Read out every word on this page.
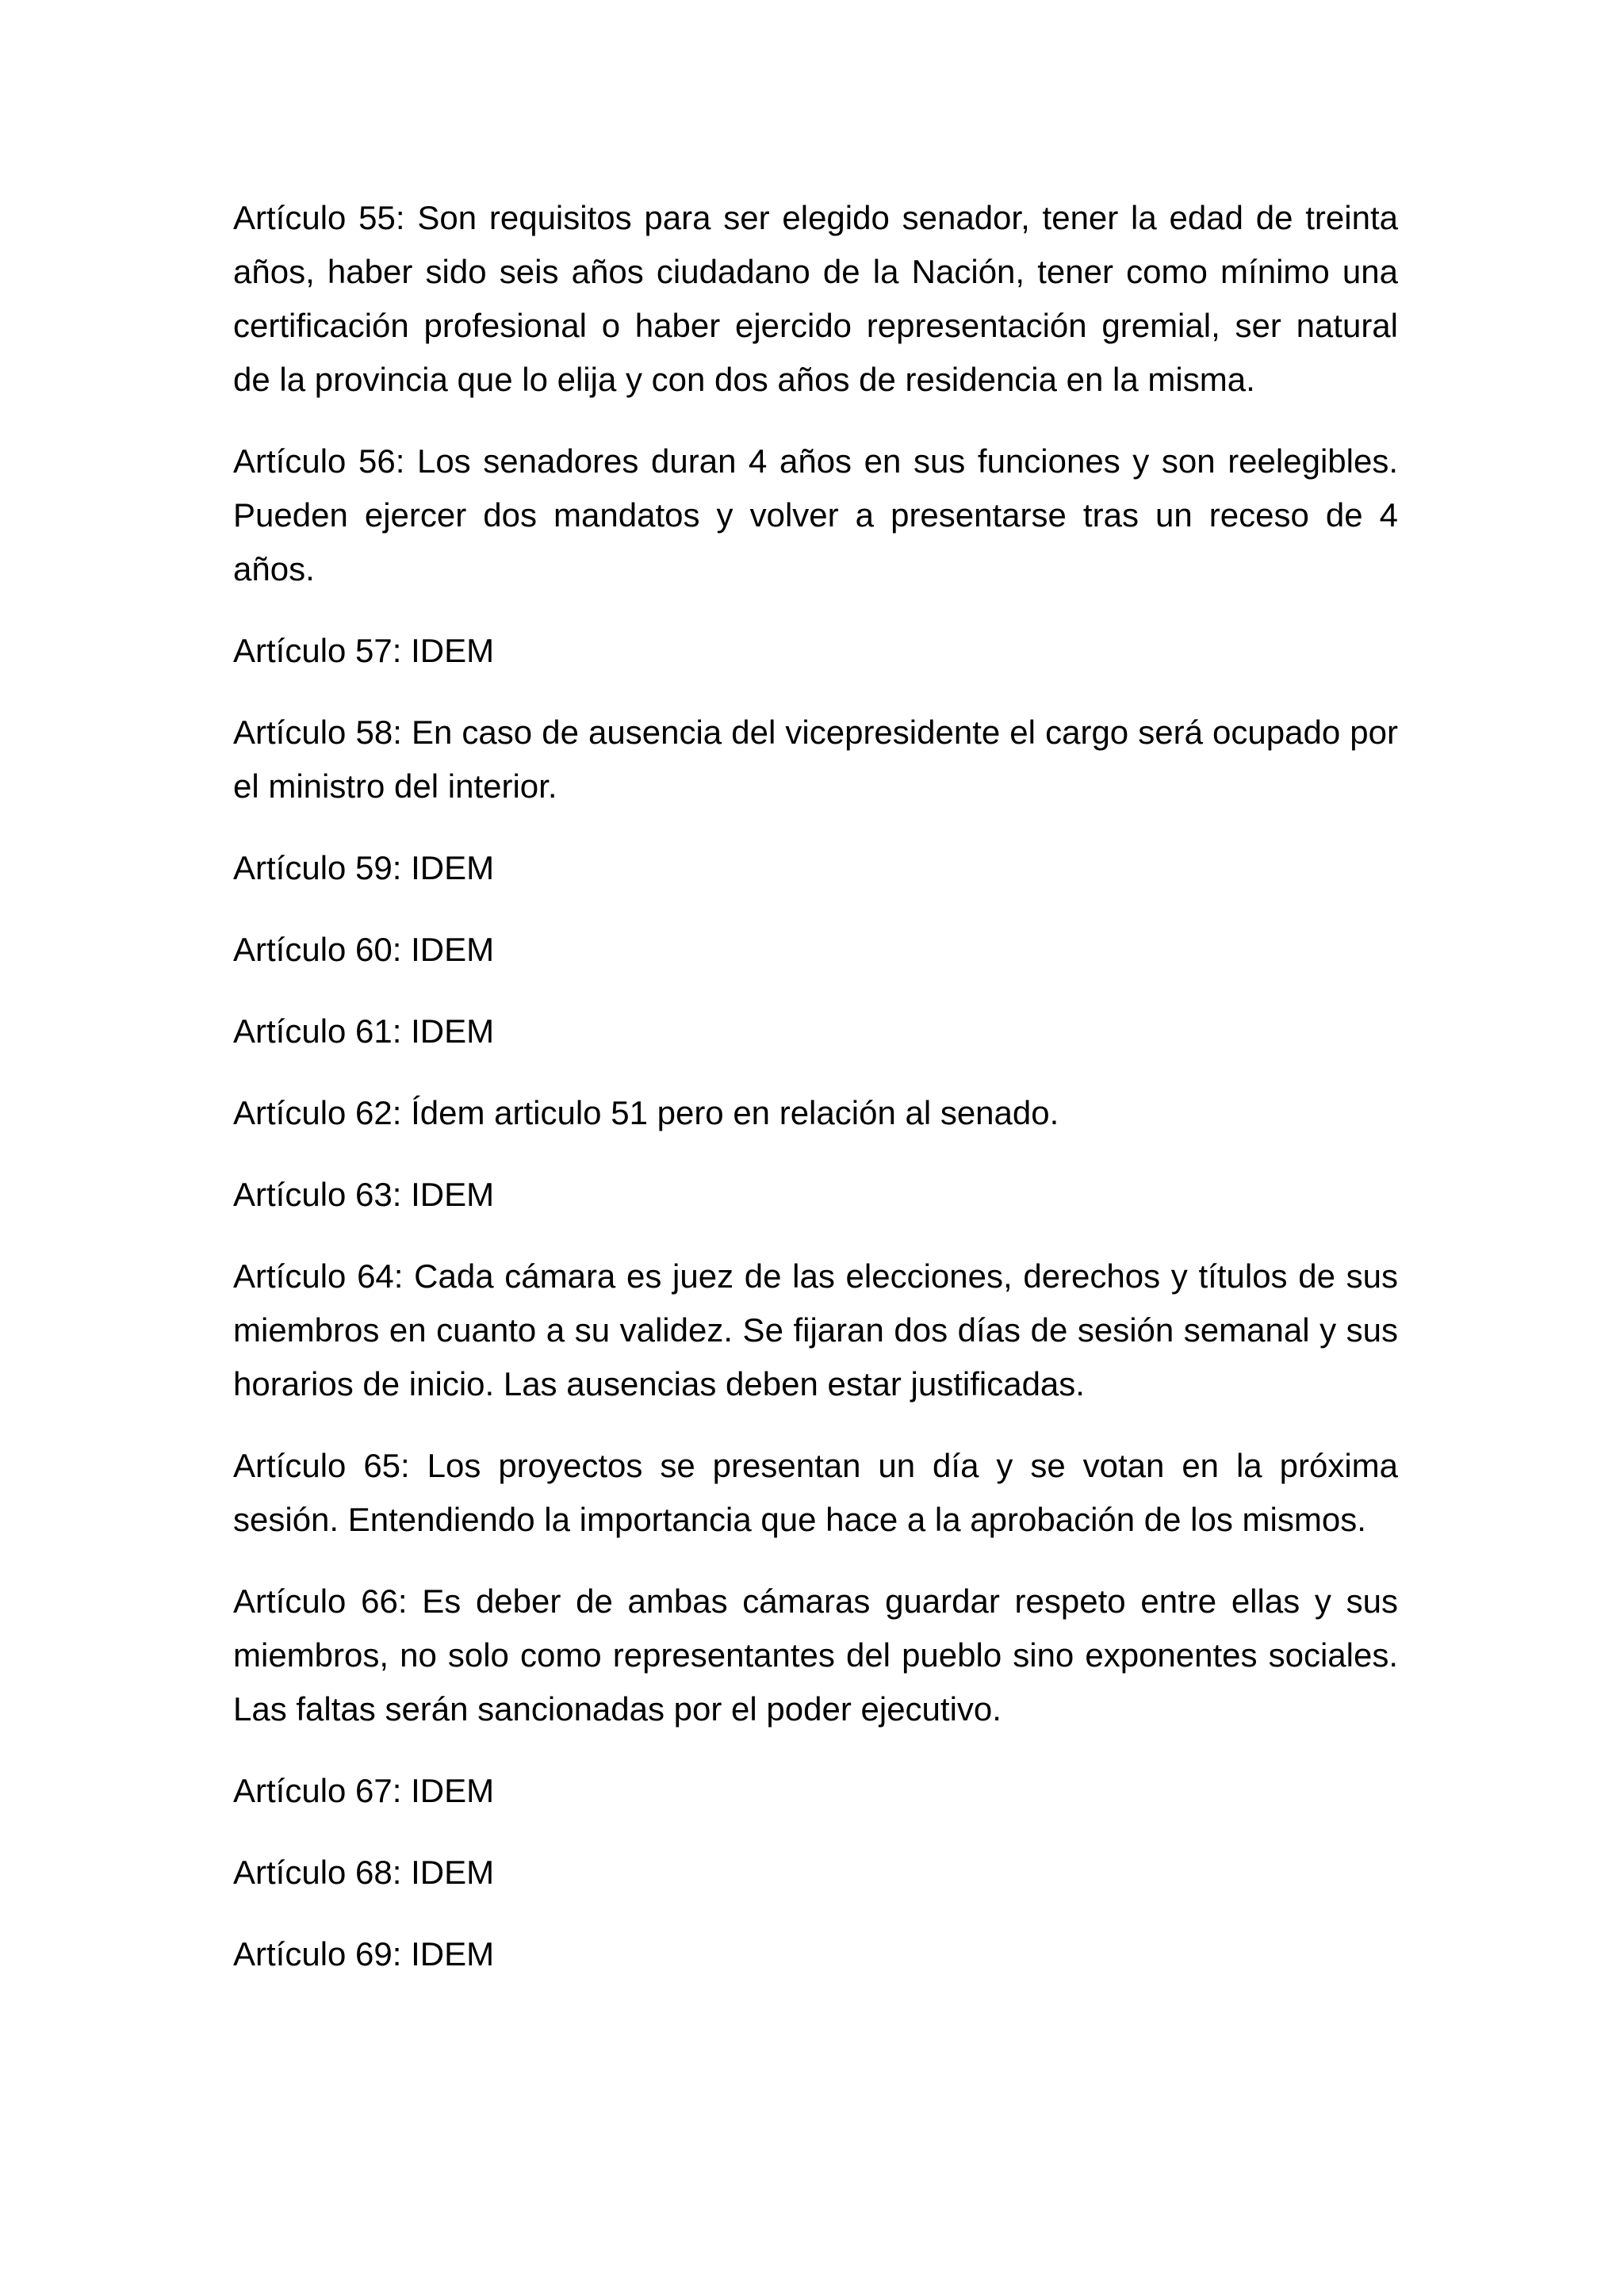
Artículo 55: Son requisitos para ser elegido senador, tener la edad de treinta años, haber sido seis años ciudadano de la Nación, tener como mínimo una certificación profesional o haber ejercido representación gremial, ser natural de la provincia que lo elija y con dos años de residencia en la misma.

Artículo 56: Los senadores duran 4 años en sus funciones y son reelegibles. Pueden ejercer dos mandatos y volver a presentarse tras un receso de 4 años.

Artículo 57: IDEM

Artículo 58: En caso de ausencia del vicepresidente el cargo será ocupado por el ministro del interior.

Artículo 59: IDEM

Artículo 60: IDEM

Artículo 61: IDEM

Artículo 62: Ídem articulo 51 pero en relación al senado.

Artículo 63: IDEM

Artículo 64: Cada cámara es juez de las elecciones, derechos y títulos de sus miembros en cuanto a su validez. Se fijaran dos días de sesión semanal y sus horarios de inicio. Las ausencias deben estar justificadas.

Artículo 65: Los proyectos se presentan un día y se votan en la próxima sesión. Entendiendo la importancia que hace a la aprobación de los mismos.

Artículo 66: Es deber de ambas cámaras guardar respeto entre ellas y sus miembros, no solo como representantes del pueblo sino exponentes sociales. Las faltas serán sancionadas por el poder ejecutivo.

Artículo 67: IDEM

Artículo 68: IDEM

Artículo 69: IDEM
